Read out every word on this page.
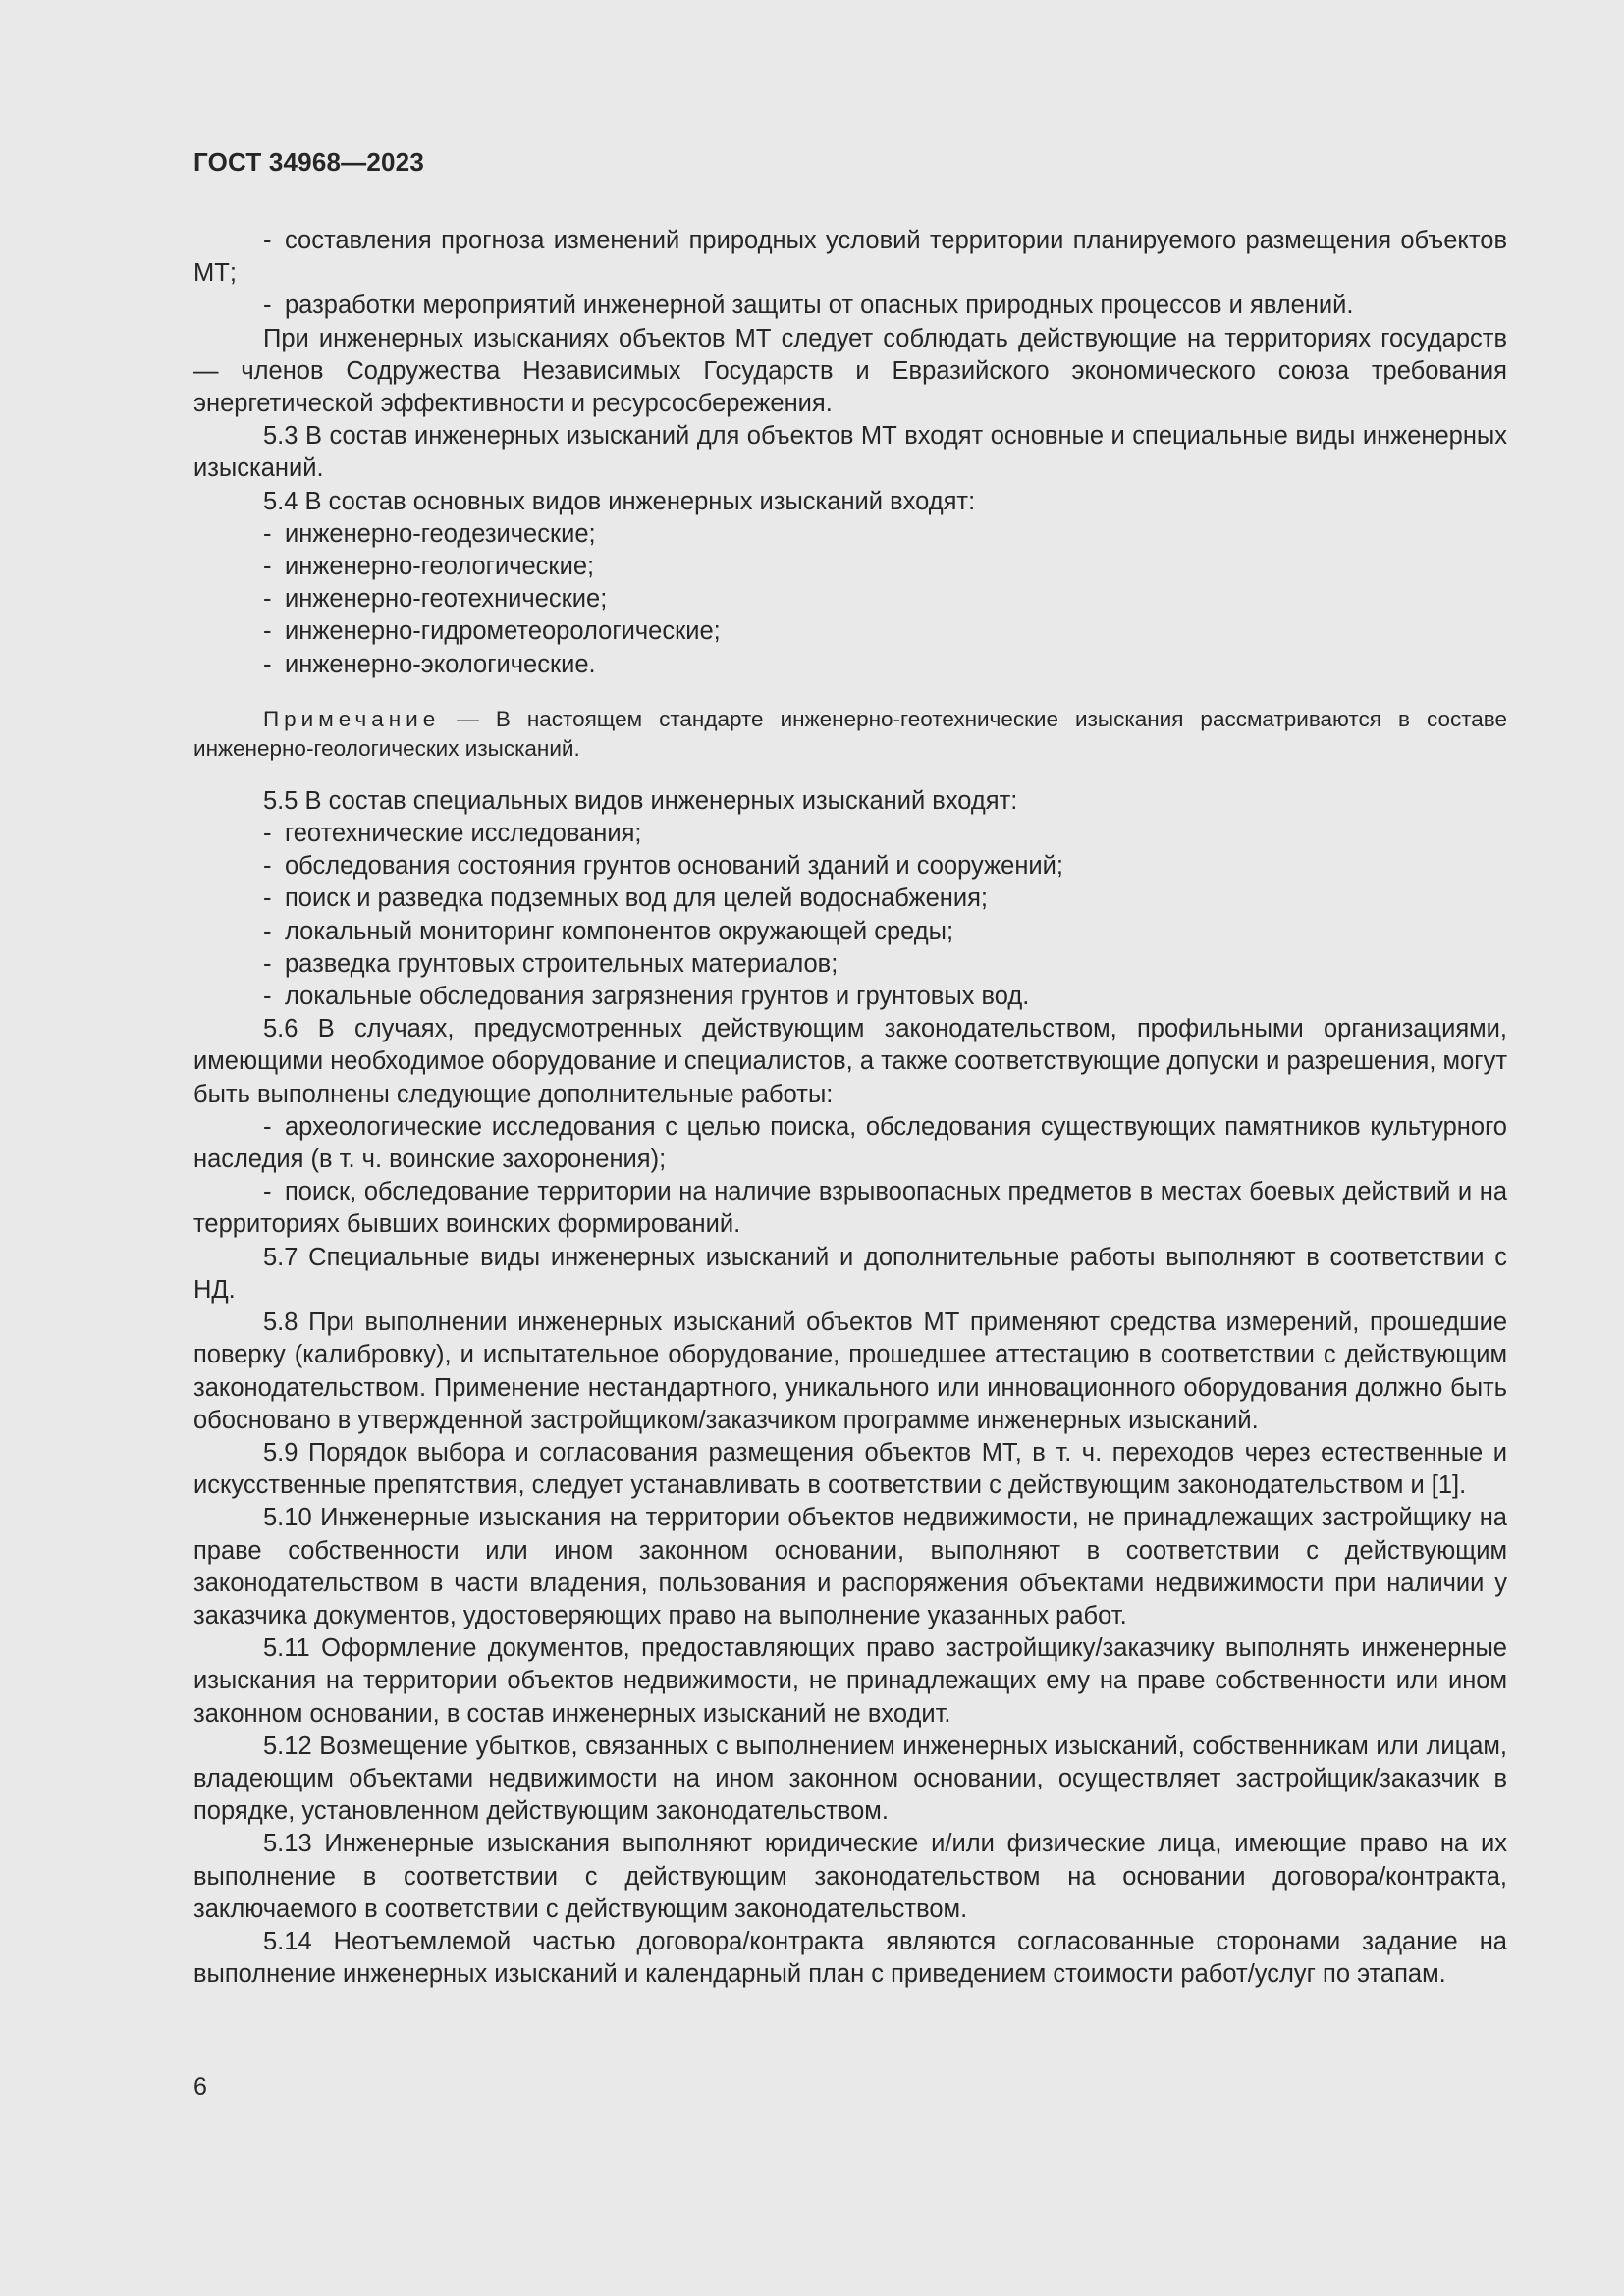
ГОСТ 34968—2023

- составления прогноза изменений природных условий территории планируемого размещения объектов МТ;

- разработки мероприятий инженерной защиты от опасных природных процессов и явлений.

При инженерных изысканиях объектов МТ следует соблюдать действующие на территориях государств — членов Содружества Независимых Государств и Евразийского экономического союза требования энергетической эффективности и ресурсосбережения.

5.3 В состав инженерных изысканий для объектов МТ входят основные и специальные виды инженерных изысканий.

5.4 В состав основных видов инженерных изысканий входят:

- инженерно-геодезические;

- инженерно-геологические;

- инженерно-геотехнические;

- инженерно-гидрометеорологические;

- инженерно-экологические.

Примечание — В настоящем стандарте инженерно-геотехнические изыскания рассматриваются в составе инженерно-геологических изысканий.

5.5 В состав специальных видов инженерных изысканий входят:

- геотехнические исследования;

- обследования состояния грунтов оснований зданий и сооружений;

- поиск и разведка подземных вод для целей водоснабжения;

- локальный мониторинг компонентов окружающей среды;

- разведка грунтовых строительных материалов;

- локальные обследования загрязнения грунтов и грунтовых вод.

5.6 В случаях, предусмотренных действующим законодательством, профильными организациями, имеющими необходимое оборудование и специалистов, а также соответствующие допуски и разрешения, могут быть выполнены следующие дополнительные работы:

- археологические исследования с целью поиска, обследования существующих памятников культурного наследия (в т. ч. воинские захоронения);

- поиск, обследование территории на наличие взрывоопасных предметов в местах боевых действий и на территориях бывших воинских формирований.

5.7 Специальные виды инженерных изысканий и дополнительные работы выполняют в соответствии с НД.

5.8 При выполнении инженерных изысканий объектов МТ применяют средства измерений, прошедшие поверку (калибровку), и испытательное оборудование, прошедшее аттестацию в соответствии с действующим законодательством. Применение нестандартного, уникального или инновационного оборудования должно быть обосновано в утвержденной застройщиком/заказчиком программе инженерных изысканий.

5.9 Порядок выбора и согласования размещения объектов МТ, в т. ч. переходов через естественные и искусственные препятствия, следует устанавливать в соответствии с действующим законодательством и [1].

5.10 Инженерные изыскания на территории объектов недвижимости, не принадлежащих застройщику на праве собственности или ином законном основании, выполняют в соответствии с действующим законодательством в части владения, пользования и распоряжения объектами недвижимости при наличии у заказчика документов, удостоверяющих право на выполнение указанных работ.

5.11 Оформление документов, предоставляющих право застройщику/заказчику выполнять инженерные изыскания на территории объектов недвижимости, не принадлежащих ему на праве собственности или ином законном основании, в состав инженерных изысканий не входит.

5.12 Возмещение убытков, связанных с выполнением инженерных изысканий, собственникам или лицам, владеющим объектами недвижимости на ином законном основании, осуществляет застройщик/заказчик в порядке, установленном действующим законодательством.

5.13 Инженерные изыскания выполняют юридические и/или физические лица, имеющие право на их выполнение в соответствии с действующим законодательством на основании договора/контракта, заключаемого в соответствии с действующим законодательством.

5.14 Неотъемлемой частью договора/контракта являются согласованные сторонами задание на выполнение инженерных изысканий и календарный план с приведением стоимости работ/услуг по этапам.

6
